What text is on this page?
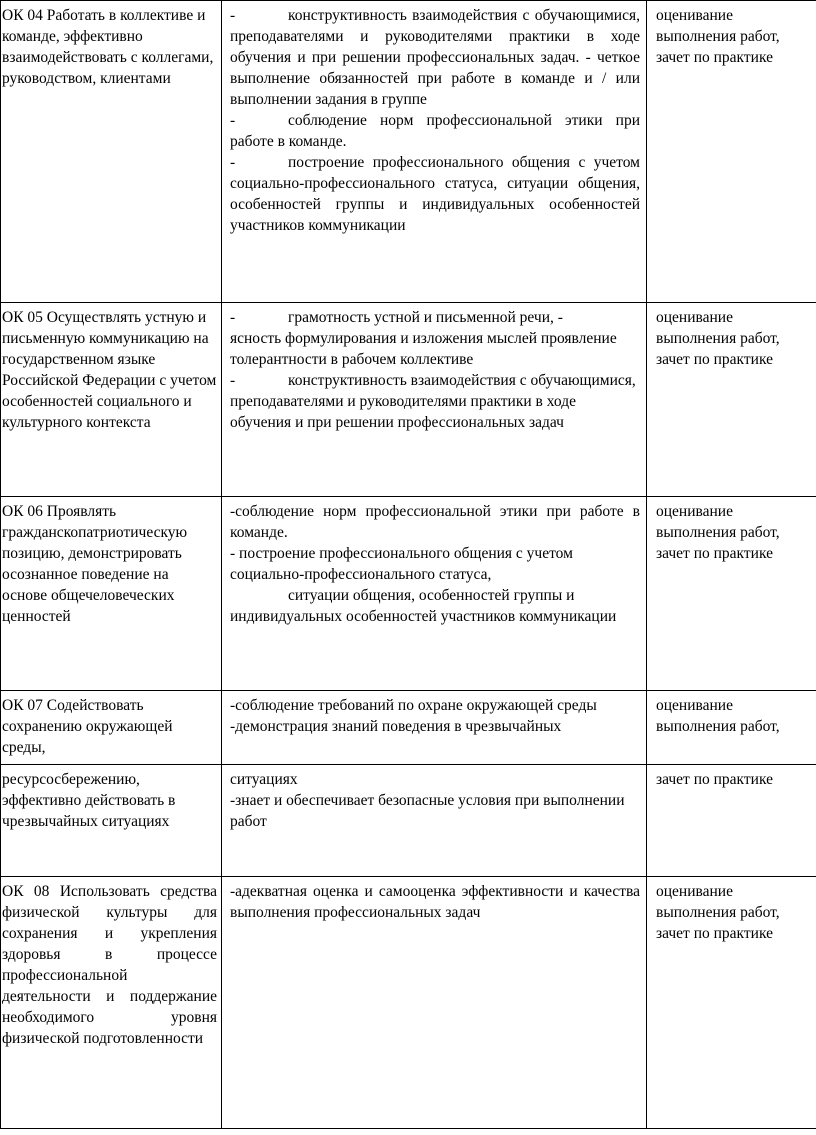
ОК 04 Работать в коллективе и команде, эффективно взаимодействовать с коллегами, руководством, клиентами	- конструктивность взаимодействия с обучающимися, преподавателями и руководителями практики в ходе обучения и при решении профессиональных задач. - четкое выполнение обязанностей при работе в команде и / или выполнении задания в группе
- соблюдение норм профессиональной этики при работе в команде.
- построение профессионального общения с учетом социально-профессионального статуса, ситуации общения, особенностей группы и индивидуальных особенностей участников коммуникации	оценивание выполнения работ, зачет по практике

ОК 05 Осуществлять устную и письменную коммуникацию на государственном языке Российской Федерации с учетом особенностей социального и культурного контекста	- грамотность устной и письменной речи, -
ясность формулирования и изложения мыслей проявление толерантности в рабочем коллективе
- конструктивность взаимодействия с обучающимися, преподавателями и руководителями практики в ходе обучения и при решении профессиональных задач	оценивание выполнения работ, зачет по практике

ОК 06 Проявлять гражданскопатриотическую позицию, демонстрировать осознанное поведение на основе общечеловеческих ценностей	-соблюдение норм профессиональной этики при работе в команде.
- построение профессионального общения с учетом социально-профессионального статуса,
ситуации общения, особенностей группы и индивидуальных особенностей участников коммуникации	оценивание выполнения работ, зачет по практике

ОК 07 Содействовать сохранению окружающей среды,	-соблюдение требований по охране окружающей среды
-демонстрация знаний поведения в чрезвычайных	оценивание выполнения работ,

ресурсосбережению, эффективно действовать в чрезвычайных ситуациях	ситуациях
-знает и обеспечивает безопасные условия при выполнении работ	зачет по практике

ОК 08 Использовать средства физической культуры для сохранения и укрепления здоровья в процессе профессиональной деятельности и поддержание необходимого уровня физической подготовленности	-адекватная оценка и самооценка эффективности и качества выполнения профессиональных задач	оценивание выполнения работ, зачет по практике
